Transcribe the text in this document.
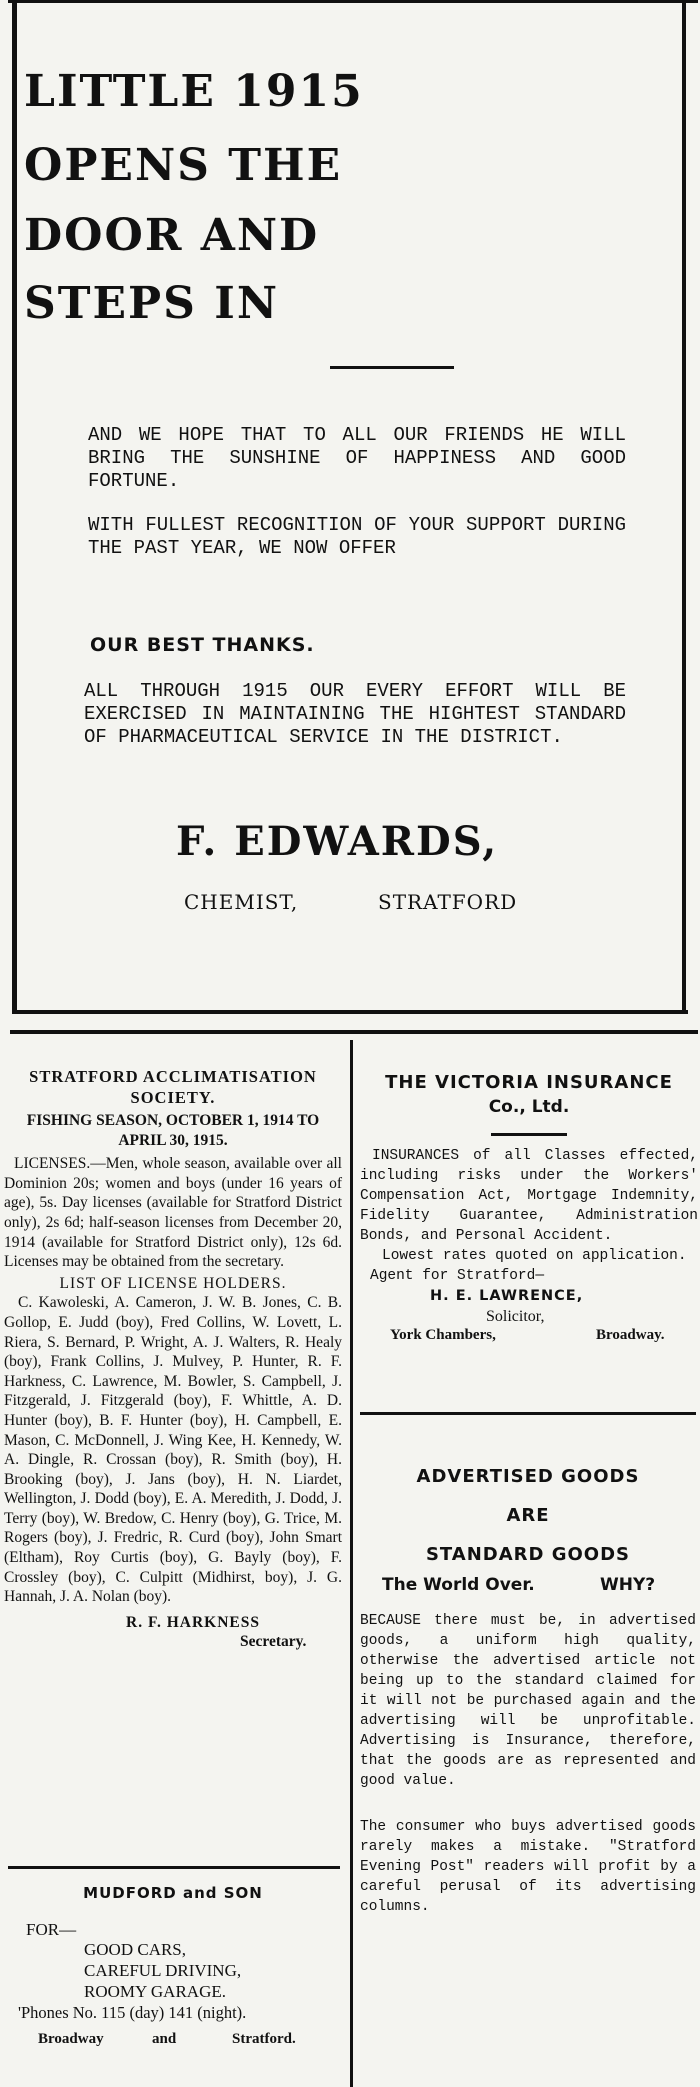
LITTLE 1915
OPENS THE
DOOR AND
STEPS IN
AND WE HOPE THAT TO ALL OUR FRIENDS HE WILL BRING THE SUNSHINE OF HAPPINESS AND GOOD FORTUNE.
WITH FULLEST RECOGNITION OF YOUR SUPPORT DURING THE PAST YEAR, WE NOW OFFER
OUR BEST THANKS.
ALL THROUGH 1915 OUR EVERY EFFORT WILL BE EXERCISED IN MAINTAINING THE HIGHTEST STANDARD OF PHARMACEUTICAL SERVICE IN THE DISTRICT.
F. EDWARDS,
CHEMIST,	STRATFORD
STRATFORD ACCLIMATISATION SOCIETY.
FISHING SEASON, OCTOBER 1, 1914 TO APRIL 30, 1915.
LICENSES.—Men, whole season, available over all Dominion 20s; women and boys (under 16 years of age), 5s. Day licenses (available for Stratford District only), 2s 6d; half-season licenses from December 20, 1914 (available for Stratford District only), 12s 6d. Licenses may be obtained from the secretary.
LIST OF LICENSE HOLDERS.
C. Kawoleski, A. Cameron, J. W. B. Jones, C. B. Gollop, E. Judd (boy), Fred Collins, W. Lovett, L. Riera, S. Bernard, P. Wright, A. J. Walters, R. Healy (boy), Frank Collins, J. Mulvey, P. Hunter, R. F. Harkness, C. Lawrence, M. Bowler, S. Campbell, J. Fitzgerald, J. Fitzgerald (boy), F. Whittle, A. D. Hunter (boy), B. F. Hunter (boy), H. Campbell, E. Mason, C. McDonnell, J. Wing Kee, H. Kennedy, W. A. Dingle, R. Crossan (boy), R. Smith (boy), H. Brooking (boy), J. Jans (boy), H. N. Liardet, Wellington, J. Dodd (boy), E. A. Meredith, J. Dodd, J. Terry (boy), W. Bredow, C. Henry (boy), G. Trice, M. Rogers (boy), J. Fredric, R. Curd (boy), John Smart (Eltham), Roy Curtis (boy), G. Bayly (boy), F. Crossley (boy), C. Culpitt (Midhirst, boy), J. G. Hannah, J. A. Nolan (boy).
R. F. HARKNESS
Secretary.
MUDFORD and SON
FOR—
GOOD CARS,
CAREFUL DRIVING,
ROOMY GARAGE.
'Phones No. 115 (day) 141 (night).
Broadway	and	Stratford.
THE VICTORIA INSURANCE
Co., Ltd.
INSURANCES of all Classes effected, including risks under the Workers' Compensation Act, Mortgage Indemnity, Fidelity Guarantee, Administration Bonds, and Personal Accident.
Lowest rates quoted on application.
Agent for Stratford—
H. E. LAWRENCE,
Solicitor,
York Chambers,	Broadway.
ADVERTISED GOODS
ARE
STANDARD GOODS
The World Over.	WHY?
BECAUSE there must be, in advertised goods, a uniform high quality, otherwise the advertised article not being up to the standard claimed for it will not be purchased again and the advertising will be unprofitable. Advertising is Insurance, therefore, that the goods are as represented and good value.
The consumer who buys advertised goods rarely makes a mistake. "Stratford Evening Post" readers will profit by a careful perusal of its advertising columns.
